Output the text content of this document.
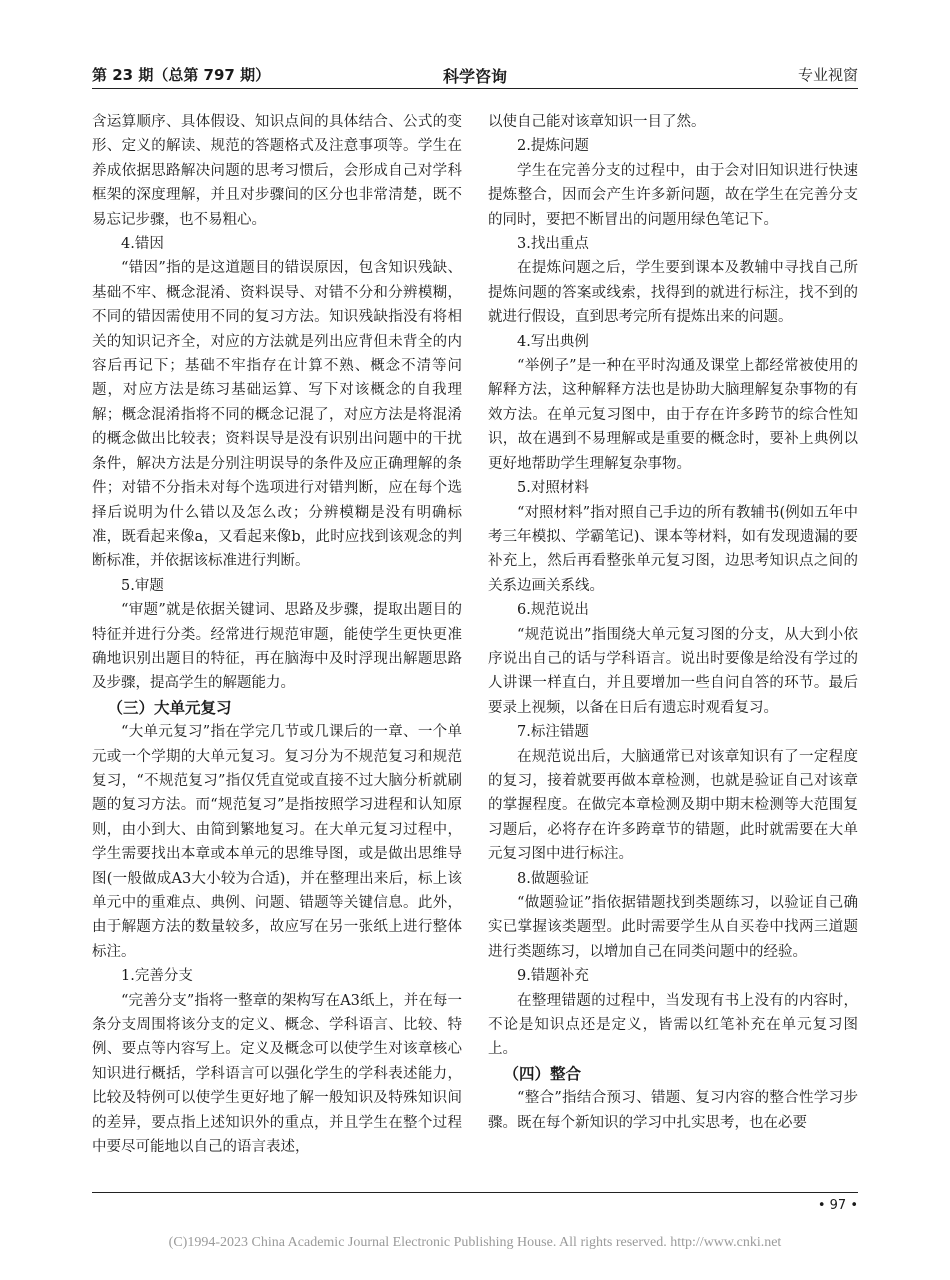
第 23 期（总第 797 期）	科学咨询	专业视窗

含运算顺序、具体假设、知识点间的具体结合、公式的变形、定义的解读、规范的答题格式及注意事项等。学生在养成依据思路解决问题的思考习惯后，会形成自己对学科框架的深度理解，并且对步骤间的区分也非常清楚，既不易忘记步骤，也不易粗心。

4.错因

“错因”指的是这道题目的错误原因，包含知识残缺、基础不牢、概念混淆、资料误导、对错不分和分辨模糊，不同的错因需使用不同的复习方法。知识残缺指没有将相关的知识记齐全，对应的方法就是列出应背但未背全的内容后再记下；基础不牢指存在计算不熟、概念不清等问题，对应方法是练习基础运算、写下对该概念的自我理解；概念混淆指将不同的概念记混了，对应方法是将混淆的概念做出比较表；资料误导是没有识别出问题中的干扰条件，解决方法是分别注明误导的条件及应正确理解的条件；对错不分指未对每个选项进行对错判断，应在每个选择后说明为什么错以及怎么改；分辨模糊是没有明确标准，既看起来像a，又看起来像b，此时应找到该观念的判断标准，并依据该标准进行判断。

5.审题

“审题”就是依据关键词、思路及步骤，提取出题目的特征并进行分类。经常进行规范审题，能使学生更快更准确地识别出题目的特征，再在脑海中及时浮现出解题思路及步骤，提高学生的解题能力。

（三）大单元复习

“大单元复习”指在学完几节或几课后的一章、一个单元或一个学期的大单元复习。复习分为不规范复习和规范复习，“不规范复习”指仅凭直觉或直接不过大脑分析就刷题的复习方法。而“规范复习”是指按照学习进程和认知原则，由小到大、由简到繁地复习。在大单元复习过程中，学生需要找出本章或本单元的思维导图，或是做出思维导图(一般做成A3大小较为合适)，并在整理出来后，标上该单元中的重难点、典例、问题、错题等关键信息。此外，由于解题方法的数量较多，故应写在另一张纸上进行整体标注。

1.完善分支

“完善分支”指将一整章的架构写在A3纸上，并在每一条分支周围将该分支的定义、概念、学科语言、比较、特例、要点等内容写上。定义及概念可以使学生对该章核心知识进行概括，学科语言可以强化学生的学科表述能力，比较及特例可以使学生更好地了解一般知识及特殊知识间的差异，要点指上述知识外的重点，并且学生在整个过程中要尽可能地以自己的语言表述，

以使自己能对该章知识一目了然。

2.提炼问题

学生在完善分支的过程中，由于会对旧知识进行快速提炼整合，因而会产生许多新问题，故在学生在完善分支的同时，要把不断冒出的问题用绿色笔记下。

3.找出重点

在提炼问题之后，学生要到课本及教辅中寻找自己所提炼问题的答案或线索，找得到的就进行标注，找不到的就进行假设，直到思考完所有提炼出来的问题。

4.写出典例

“举例子”是一种在平时沟通及课堂上都经常被使用的解释方法，这种解释方法也是协助大脑理解复杂事物的有效方法。在单元复习图中，由于存在许多跨节的综合性知识，故在遇到不易理解或是重要的概念时，要补上典例以更好地帮助学生理解复杂事物。

5.对照材料

“对照材料”指对照自己手边的所有教辅书(例如五年中考三年模拟、学霸笔记)、课本等材料，如有发现遗漏的要补充上，然后再看整张单元复习图，边思考知识点之间的关系边画关系线。

6.规范说出

“规范说出”指围绕大单元复习图的分支，从大到小依序说出自己的话与学科语言。说出时要像是给没有学过的人讲课一样直白，并且要增加一些自问自答的环节。最后要录上视频，以备在日后有遗忘时观看复习。

7.标注错题

在规范说出后，大脑通常已对该章知识有了一定程度的复习，接着就要再做本章检测，也就是验证自己对该章的掌握程度。在做完本章检测及期中期末检测等大范围复习题后，必将存在许多跨章节的错题，此时就需要在大单元复习图中进行标注。

8.做题验证

“做题验证”指依据错题找到类题练习，以验证自己确实已掌握该类题型。此时需要学生从自买卷中找两三道题进行类题练习，以增加自己在同类问题中的经验。

9.错题补充

在整理错题的过程中，当发现有书上没有的内容时，不论是知识点还是定义，皆需以红笔补充在单元复习图上。

（四）整合

“整合”指结合预习、错题、复习内容的整合性学习步骤。既在每个新知识的学习中扎实思考，也在必要

• 97 •
(C)1994-2023 China Academic Journal Electronic Publishing House. All rights reserved. http://www.cnki.net
